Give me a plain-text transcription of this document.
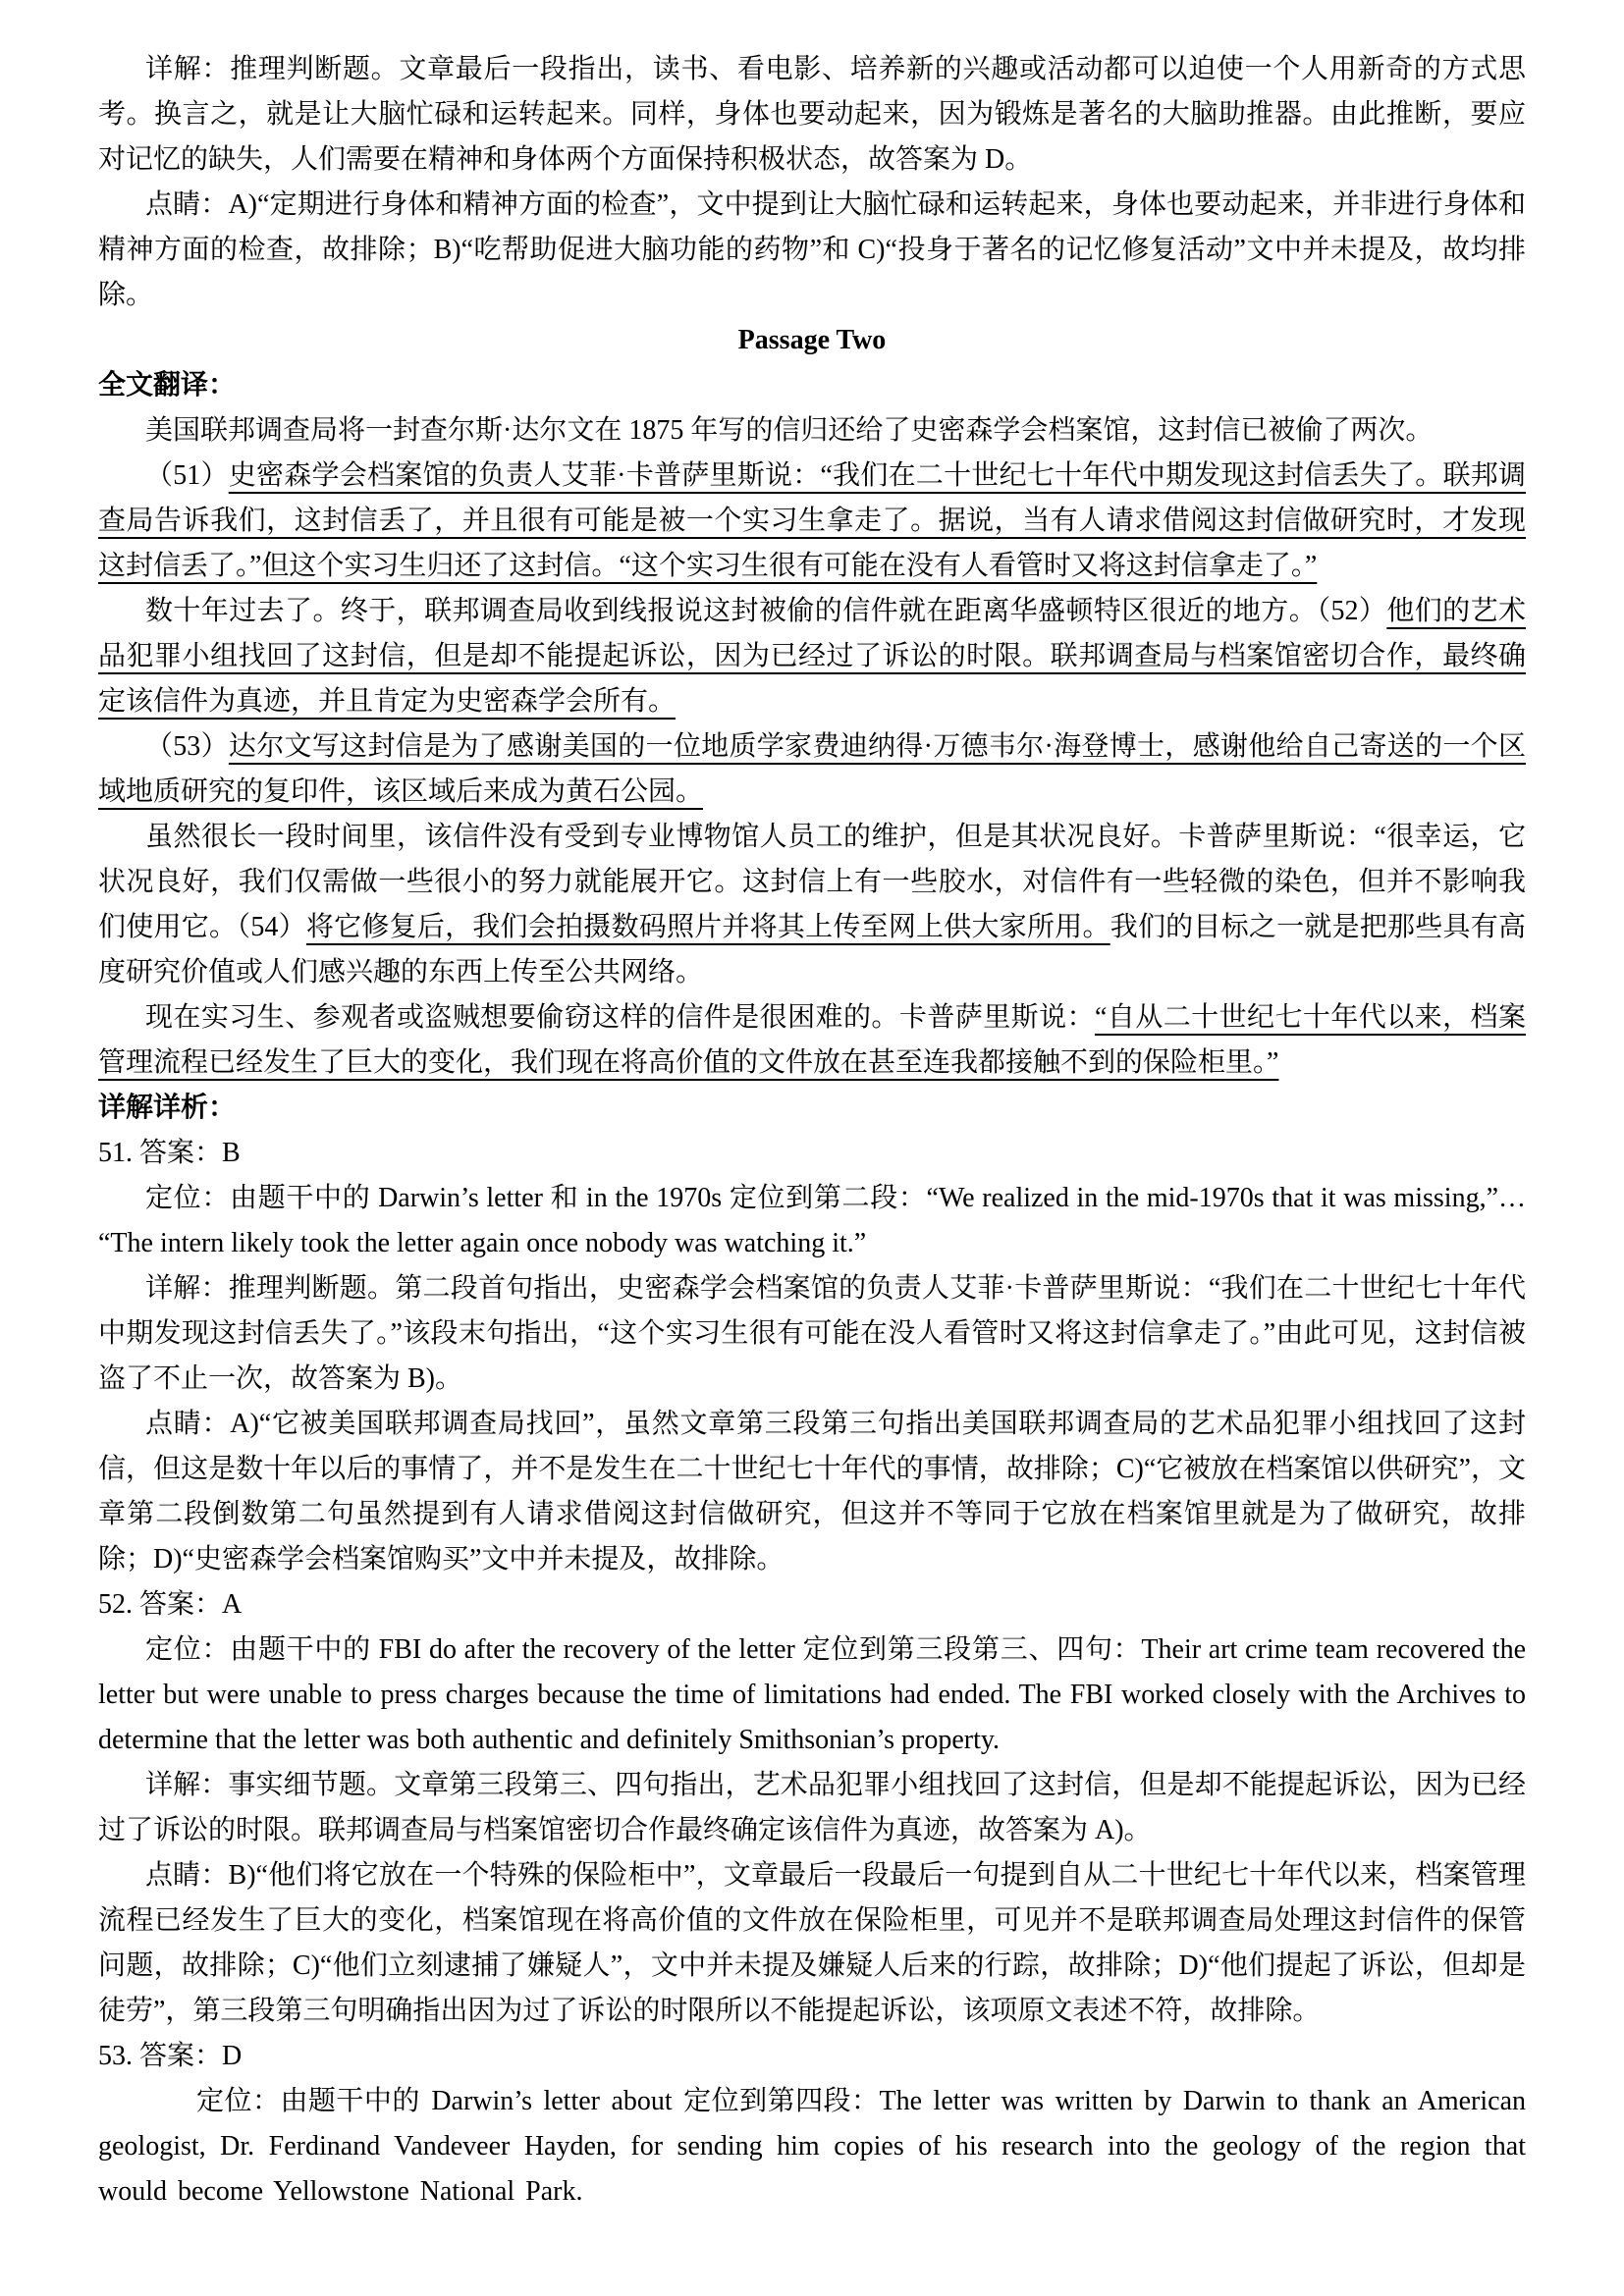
详解：推理判断题。文章最后一段指出，读书、看电影、培养新的兴趣或活动都可以迫使一个人用新奇的方式思考。换言之，就是让大脑忙碌和运转起来。同样，身体也要动起来，因为锻炼是著名的大脑助推器。由此推断，要应对记忆的缺失，人们需要在精神和身体两个方面保持积极状态，故答案为 D。

点睛：A)“定期进行身体和精神方面的检查”，文中提到让大脑忙碌和运转起来，身体也要动起来，并非进行身体和精神方面的检查，故排除；B)“吃帮助促进大脑功能的药物”和 C)“投身于著名的记忆修复活动”文中并未提及，故均排除。

Passage Two

全文翻译：

美国联邦调查局将一封查尔斯·达尔文在 1875 年写的信归还给了史密森学会档案馆，这封信已被偷了两次。

（51）史密森学会档案馆的负责人艾菲·卡普萨里斯说：“我们在二十世纪七十年代中期发现这封信丢失了。联邦调查局告诉我们，这封信丢了，并且很有可能是被一个实习生拿走了。据说，当有人请求借阅这封信做研究时，才发现这封信丢了。”但这个实习生归还了这封信。“这个实习生很有可能在没有人看管时又将这封信拿走了。”

数十年过去了。终于，联邦调查局收到线报说这封被偷的信件就在距离华盛顿特区很近的地方。（52）他们的艺术品犯罪小组找回了这封信，但是却不能提起诉讼，因为已经过了诉讼的时限。联邦调查局与档案馆密切合作，最终确定该信件为真迹，并且肯定为史密森学会所有。

（53）达尔文写这封信是为了感谢美国的一位地质学家费迪纳得·万德韦尔·海登博士，感谢他给自己寄送的一个区域地质研究的复印件，该区域后来成为黄石公园。

虽然很长一段时间里，该信件没有受到专业博物馆人员工的维护，但是其状况良好。卡普萨里斯说：“很幸运，它状况良好，我们仅需做一些很小的努力就能展开它。这封信上有一些胶水，对信件有一些轻微的染色，但并不影响我们使用它。（54）将它修复后，我们会拍摄数码照片并将其上传至网上供大家所用。我们的目标之一就是把那些具有高度研究价值或人们感兴趣的东西上传至公共网络。

现在实习生、参观者或盗贼想要偷窃这样的信件是很困难的。卡普萨里斯说：“自从二十世纪七十年代以来，档案管理流程已经发生了巨大的变化，我们现在将高价值的文件放在甚至连我都接触不到的保险柜里。”

详解详析：

51. 答案：B

定位：由题干中的 Darwin’s letter 和 in the 1970s 定位到第二段：“We realized in the mid-1970s that it was missing,”…“The intern likely took the letter again once nobody was watching it.”

详解：推理判断题。第二段首句指出，史密森学会档案馆的负责人艾菲·卡普萨里斯说：“我们在二十世纪七十年代中期发现这封信丢失了。”该段末句指出，“这个实习生很有可能在没人看管时又将这封信拿走了。”由此可见，这封信被盗了不止一次，故答案为 B)。

点睛：A)“它被美国联邦调查局找回”，虽然文章第三段第三句指出美国联邦调查局的艺术品犯罪小组找回了这封信，但这是数十年以后的事情了，并不是发生在二十世纪七十年代的事情，故排除；C)“它被放在档案馆以供研究”，文章第二段倒数第二句虽然提到有人请求借阅这封信做研究，但这并不等同于它放在档案馆里就是为了做研究，故排除；D)“史密森学会档案馆购买”文中并未提及，故排除。

52. 答案：A

定位：由题干中的 FBI do after the recovery of the letter 定位到第三段第三、四句：Their art crime team recovered the letter but were unable to press charges because the time of limitations had ended. The FBI worked closely with the Archives to determine that the letter was both authentic and definitely Smithsonian’s property.

详解：事实细节题。文章第三段第三、四句指出，艺术品犯罪小组找回了这封信，但是却不能提起诉讼，因为已经过了诉讼的时限。联邦调查局与档案馆密切合作最终确定该信件为真迹，故答案为 A)。

点睛：B)“他们将它放在一个特殊的保险柜中”，文章最后一段最后一句提到自从二十世纪七十年代以来，档案管理流程已经发生了巨大的变化，档案馆现在将高价值的文件放在保险柜里，可见并不是联邦调查局处理这封信件的保管问题，故排除；C)“他们立刻逮捕了嫌疑人”，文中并未提及嫌疑人后来的行踪，故排除；D)“他们提起了诉讼，但却是徒劳”，第三段第三句明确指出因为过了诉讼的时限所以不能提起诉讼，该项原文表述不符，故排除。

53. 答案：D

定位：由题干中的 Darwin’s letter about 定位到第四段：The letter was written by Darwin to thank an American geologist, Dr. Ferdinand Vandeveer Hayden, for sending him copies of his research into the geology of the region that would become Yellowstone National Park.
